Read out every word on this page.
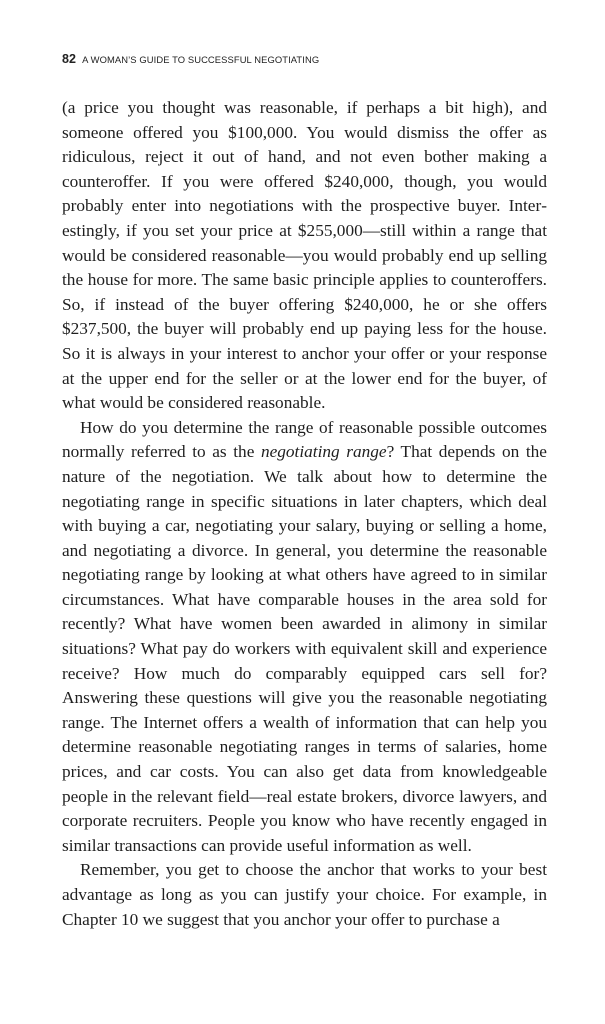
82 A WOMAN’S GUIDE TO SUCCESSFUL NEGOTIATING

(a price you thought was reasonable, if perhaps a bit high), and someone offered you $100,000. You would dismiss the offer as ridiculous, reject it out of hand, and not even bother making a counteroffer. If you were offered $240,000, though, you would probably enter into negotiations with the prospective buyer. Interestingly, if you set your price at $255,000—still within a range that would be considered reasonable—you would probably end up selling the house for more. The same basic principle applies to counteroffers. So, if instead of the buyer offering $240,000, he or she offers $237,500, the buyer will probably end up paying less for the house. So it is always in your interest to anchor your offer or your response at the upper end for the seller or at the lower end for the buyer, of what would be considered reasonable.

How do you determine the range of reasonable possible outcomes normally referred to as the negotiating range? That depends on the nature of the negotiation. We talk about how to determine the negotiating range in specific situations in later chapters, which deal with buying a car, negotiating your salary, buying or selling a home, and negotiating a divorce. In general, you determine the reasonable negotiating range by looking at what others have agreed to in similar circumstances. What have comparable houses in the area sold for recently? What have women been awarded in alimony in similar situations? What pay do workers with equivalent skill and experience receive? How much do comparably equipped cars sell for? Answering these questions will give you the reasonable negotiating range. The Internet offers a wealth of information that can help you determine reasonable negotiating ranges in terms of salaries, home prices, and car costs. You can also get data from knowledgeable people in the relevant field—real estate brokers, divorce lawyers, and corporate recruiters. People you know who have recently engaged in similar transactions can provide useful information as well.

Remember, you get to choose the anchor that works to your best advantage as long as you can justify your choice. For example, in Chapter 10 we suggest that you anchor your offer to purchase a
